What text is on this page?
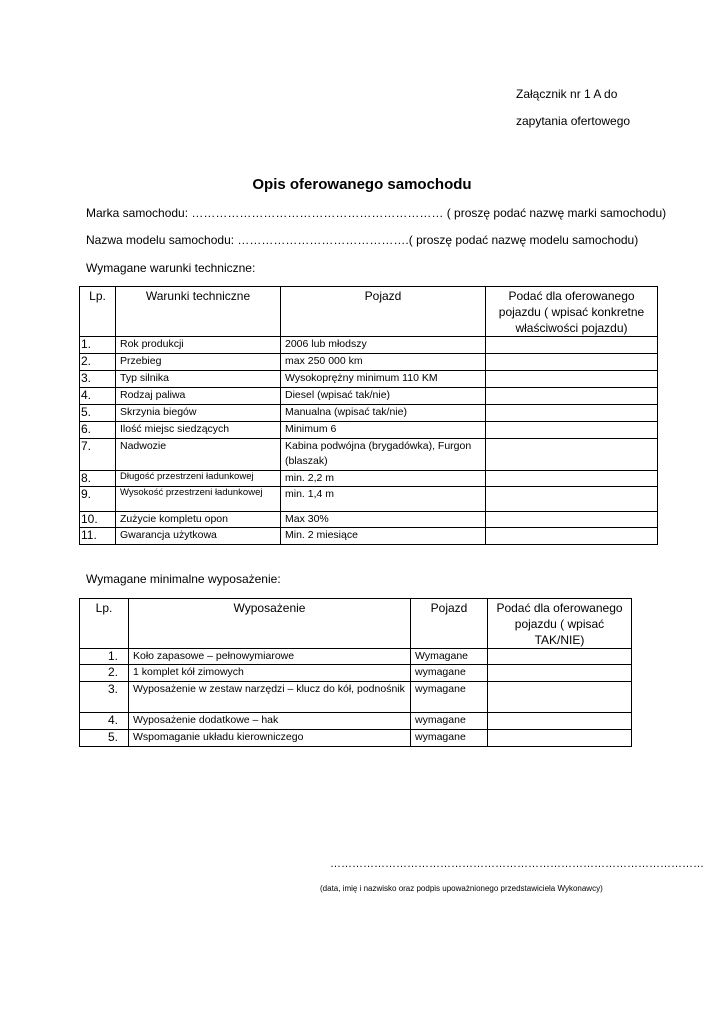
Załącznik nr 1 A do
zapytania ofertowego
Opis oferowanego samochodu
Marka samochodu: ……………………………………………………… ( proszę podać nazwę marki samochodu)
Nazwa modelu samochodu: …………………………………….( proszę podać nazwę modelu samochodu)
Wymagane warunki techniczne:
Lp.	Warunki techniczne	Pojazd	Podać dla oferowanego pojazdu ( wpisać konkretne właściwości pojazdu)
1.	Rok produkcji	2006 lub młodszy	
2.	Przebieg	max 250 000 km	
3.	Typ silnika	Wysokoprężny minimum 110 KM	
4.	Rodzaj paliwa	Diesel (wpisać tak/nie)	
5.	Skrzynia biegów	Manualna (wpisać tak/nie)	
6.	Ilość miejsc siedzących	Minimum 6	
7.	Nadwozie	Kabina podwójna (brygadówka), Furgon (blaszak)	
8.	Długość przestrzeni ładunkowej	min. 2,2 m	
9.	Wysokość przestrzeni ładunkowej	min. 1,4 m	
10.	Zużycie kompletu opon	Max 30%	
11.	Gwarancja użytkowa	Min. 2 miesiące	
Wymagane minimalne wyposażenie:
Lp.	Wyposażenie	Pojazd	Podać dla oferowanego pojazdu ( wpisać TAK/NIE)
1.	Koło zapasowe – pełnowymiarowe	Wymagane	
2.	1 komplet kół zimowych	wymagane	
3.	Wyposażenie w zestaw narzędzi – klucz do kół, podnośnik	wymagane	
4.	Wyposażenie dodatkowe – hak	wymagane	
5.	Wspomaganie układu kierowniczego	wymagane	
…………………………………………………………………………………………
(data, imię i nazwisko oraz podpis upoważnionego przedstawiciela Wykonawcy)
